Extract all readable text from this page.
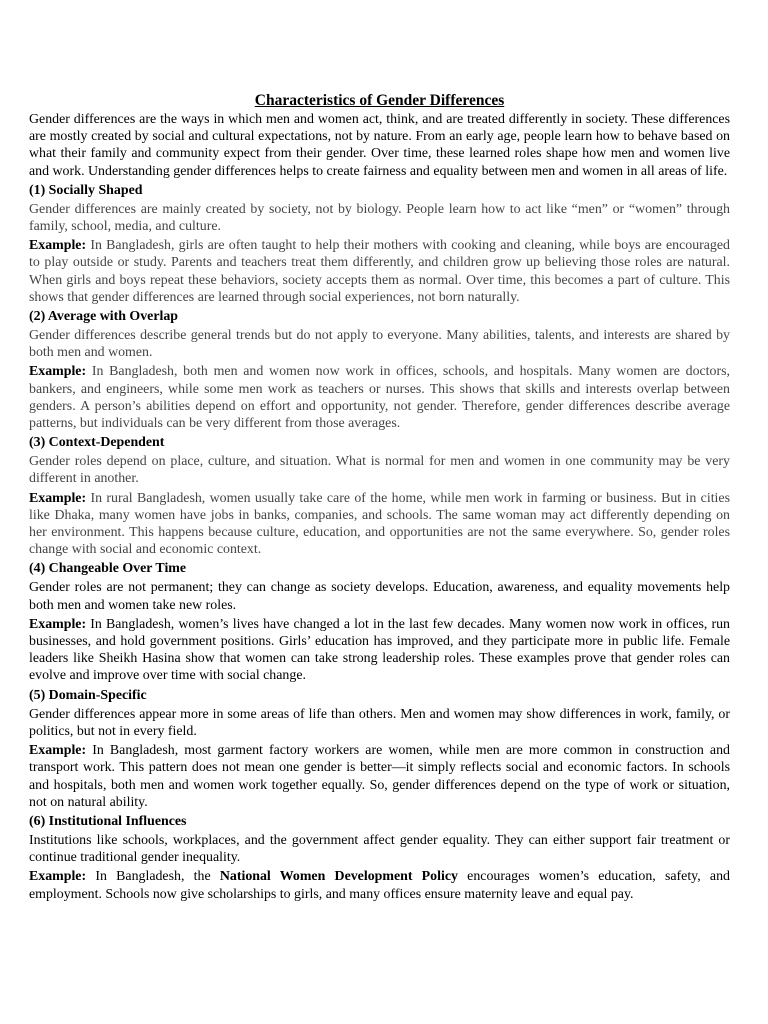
Characteristics of Gender Differences

Gender differences are the ways in which men and women act, think, and are treated differently in society. These differences are mostly created by social and cultural expectations, not by nature. From an early age, people learn how to behave based on what their family and community expect from their gender. Over time, these learned roles shape how men and women live and work. Understanding gender differences helps to create fairness and equality between men and women in all areas of life.

(1) Socially Shaped

Gender differences are mainly created by society, not by biology. People learn how to act like “men” or “women” through family, school, media, and culture.

Example: In Bangladesh, girls are often taught to help their mothers with cooking and cleaning, while boys are encouraged to play outside or study. Parents and teachers treat them differently, and children grow up believing those roles are natural. When girls and boys repeat these behaviors, society accepts them as normal. Over time, this becomes a part of culture. This shows that gender differences are learned through social experiences, not born naturally.

(2) Average with Overlap

Gender differences describe general trends but do not apply to everyone. Many abilities, talents, and interests are shared by both men and women.

Example: In Bangladesh, both men and women now work in offices, schools, and hospitals. Many women are doctors, bankers, and engineers, while some men work as teachers or nurses. This shows that skills and interests overlap between genders. A person’s abilities depend on effort and opportunity, not gender. Therefore, gender differences describe average patterns, but individuals can be very different from those averages.

(3) Context-Dependent

Gender roles depend on place, culture, and situation. What is normal for men and women in one community may be very different in another.

Example: In rural Bangladesh, women usually take care of the home, while men work in farming or business. But in cities like Dhaka, many women have jobs in banks, companies, and schools. The same woman may act differently depending on her environment. This happens because culture, education, and opportunities are not the same everywhere. So, gender roles change with social and economic context.

(4) Changeable Over Time

Gender roles are not permanent; they can change as society develops. Education, awareness, and equality movements help both men and women take new roles.

Example: In Bangladesh, women’s lives have changed a lot in the last few decades. Many women now work in offices, run businesses, and hold government positions. Girls’ education has improved, and they participate more in public life. Female leaders like Sheikh Hasina show that women can take strong leadership roles. These examples prove that gender roles can evolve and improve over time with social change.

(5) Domain-Specific

Gender differences appear more in some areas of life than others. Men and women may show differences in work, family, or politics, but not in every field.

Example: In Bangladesh, most garment factory workers are women, while men are more common in construction and transport work. This pattern does not mean one gender is better—it simply reflects social and economic factors. In schools and hospitals, both men and women work together equally. So, gender differences depend on the type of work or situation, not on natural ability.

(6) Institutional Influences

Institutions like schools, workplaces, and the government affect gender equality. They can either support fair treatment or continue traditional gender inequality.

Example: In Bangladesh, the National Women Development Policy encourages women’s education, safety, and employment. Schools now give scholarships to girls, and many offices ensure maternity leave and equal pay.
